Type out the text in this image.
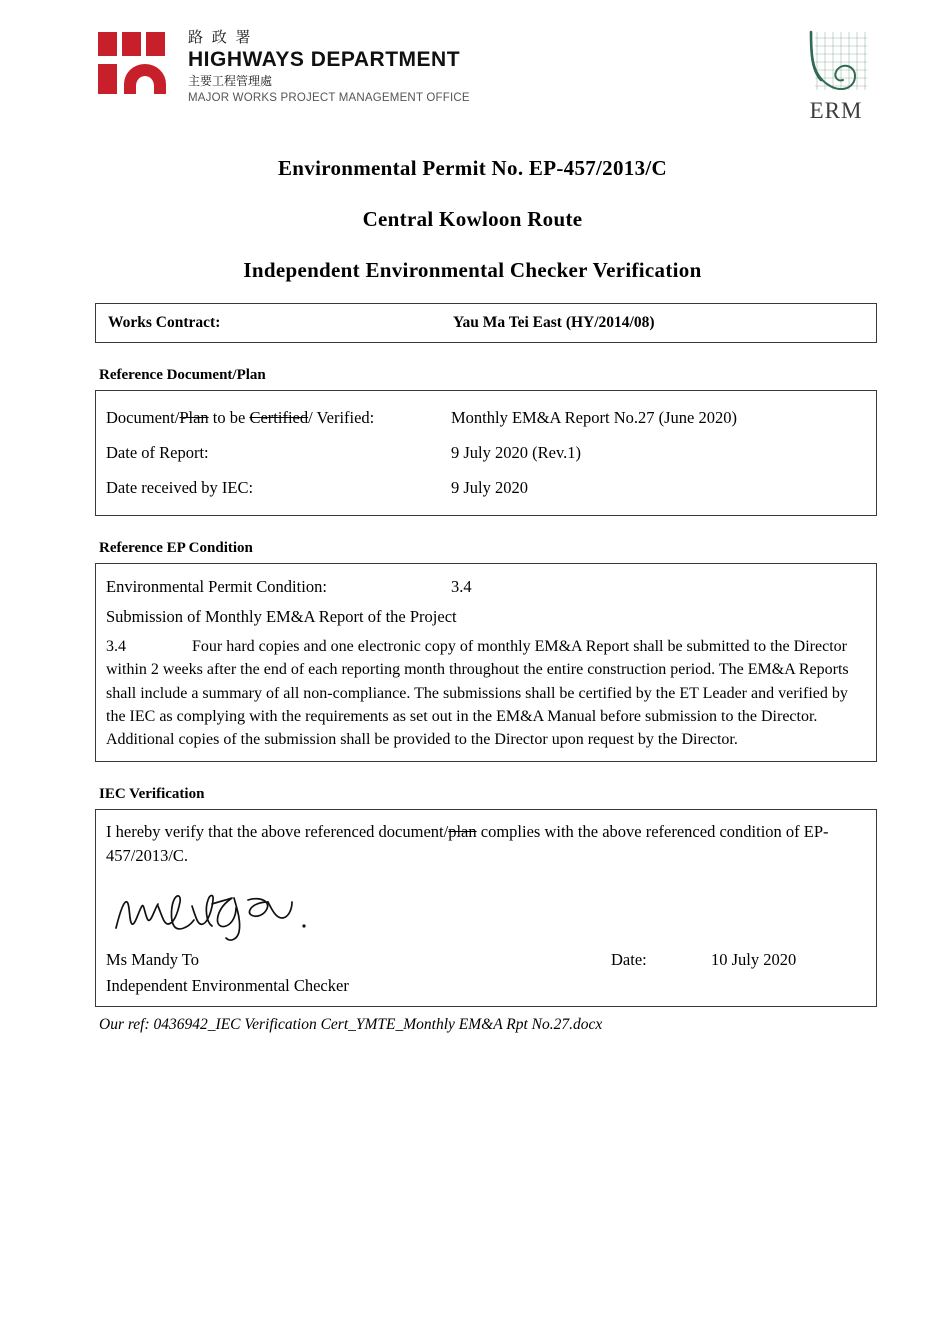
路 政 署
HIGHWAYS DEPARTMENT
主要工程管理處
MAJOR WORKS PROJECT MANAGEMENT OFFICE
ERM
Environmental Permit No. EP-457/2013/C
Central Kowloon Route
Independent Environmental Checker Verification
Works Contract:	Yau Ma Tei East (HY/2014/08)
Reference Document/Plan
Document/Plan to be Certified/ Verified:	Monthly EM&A Report No.27 (June 2020)
Date of Report:	9 July 2020 (Rev.1)
Date received by IEC:	9 July 2020
Reference EP Condition
Environmental Permit Condition:	3.4
Submission of Monthly EM&A Report of the Project
3.4	Four hard copies and one electronic copy of monthly EM&A Report shall be submitted to the Director within 2 weeks after the end of each reporting month throughout the entire construction period. The EM&A Reports shall include a summary of all non-compliance. The submissions shall be certified by the ET Leader and verified by the IEC as complying with the requirements as set out in the EM&A Manual before submission to the Director. Additional copies of the submission shall be provided to the Director upon request by the Director.
IEC Verification
I hereby verify that the above referenced document/plan complies with the above referenced condition of EP-457/2013/C.
Ms Mandy To	Date:	10 July 2020
Independent Environmental Checker
Our ref: 0436942_IEC Verification Cert_YMTE_Monthly EM&A Rpt No.27.docx
